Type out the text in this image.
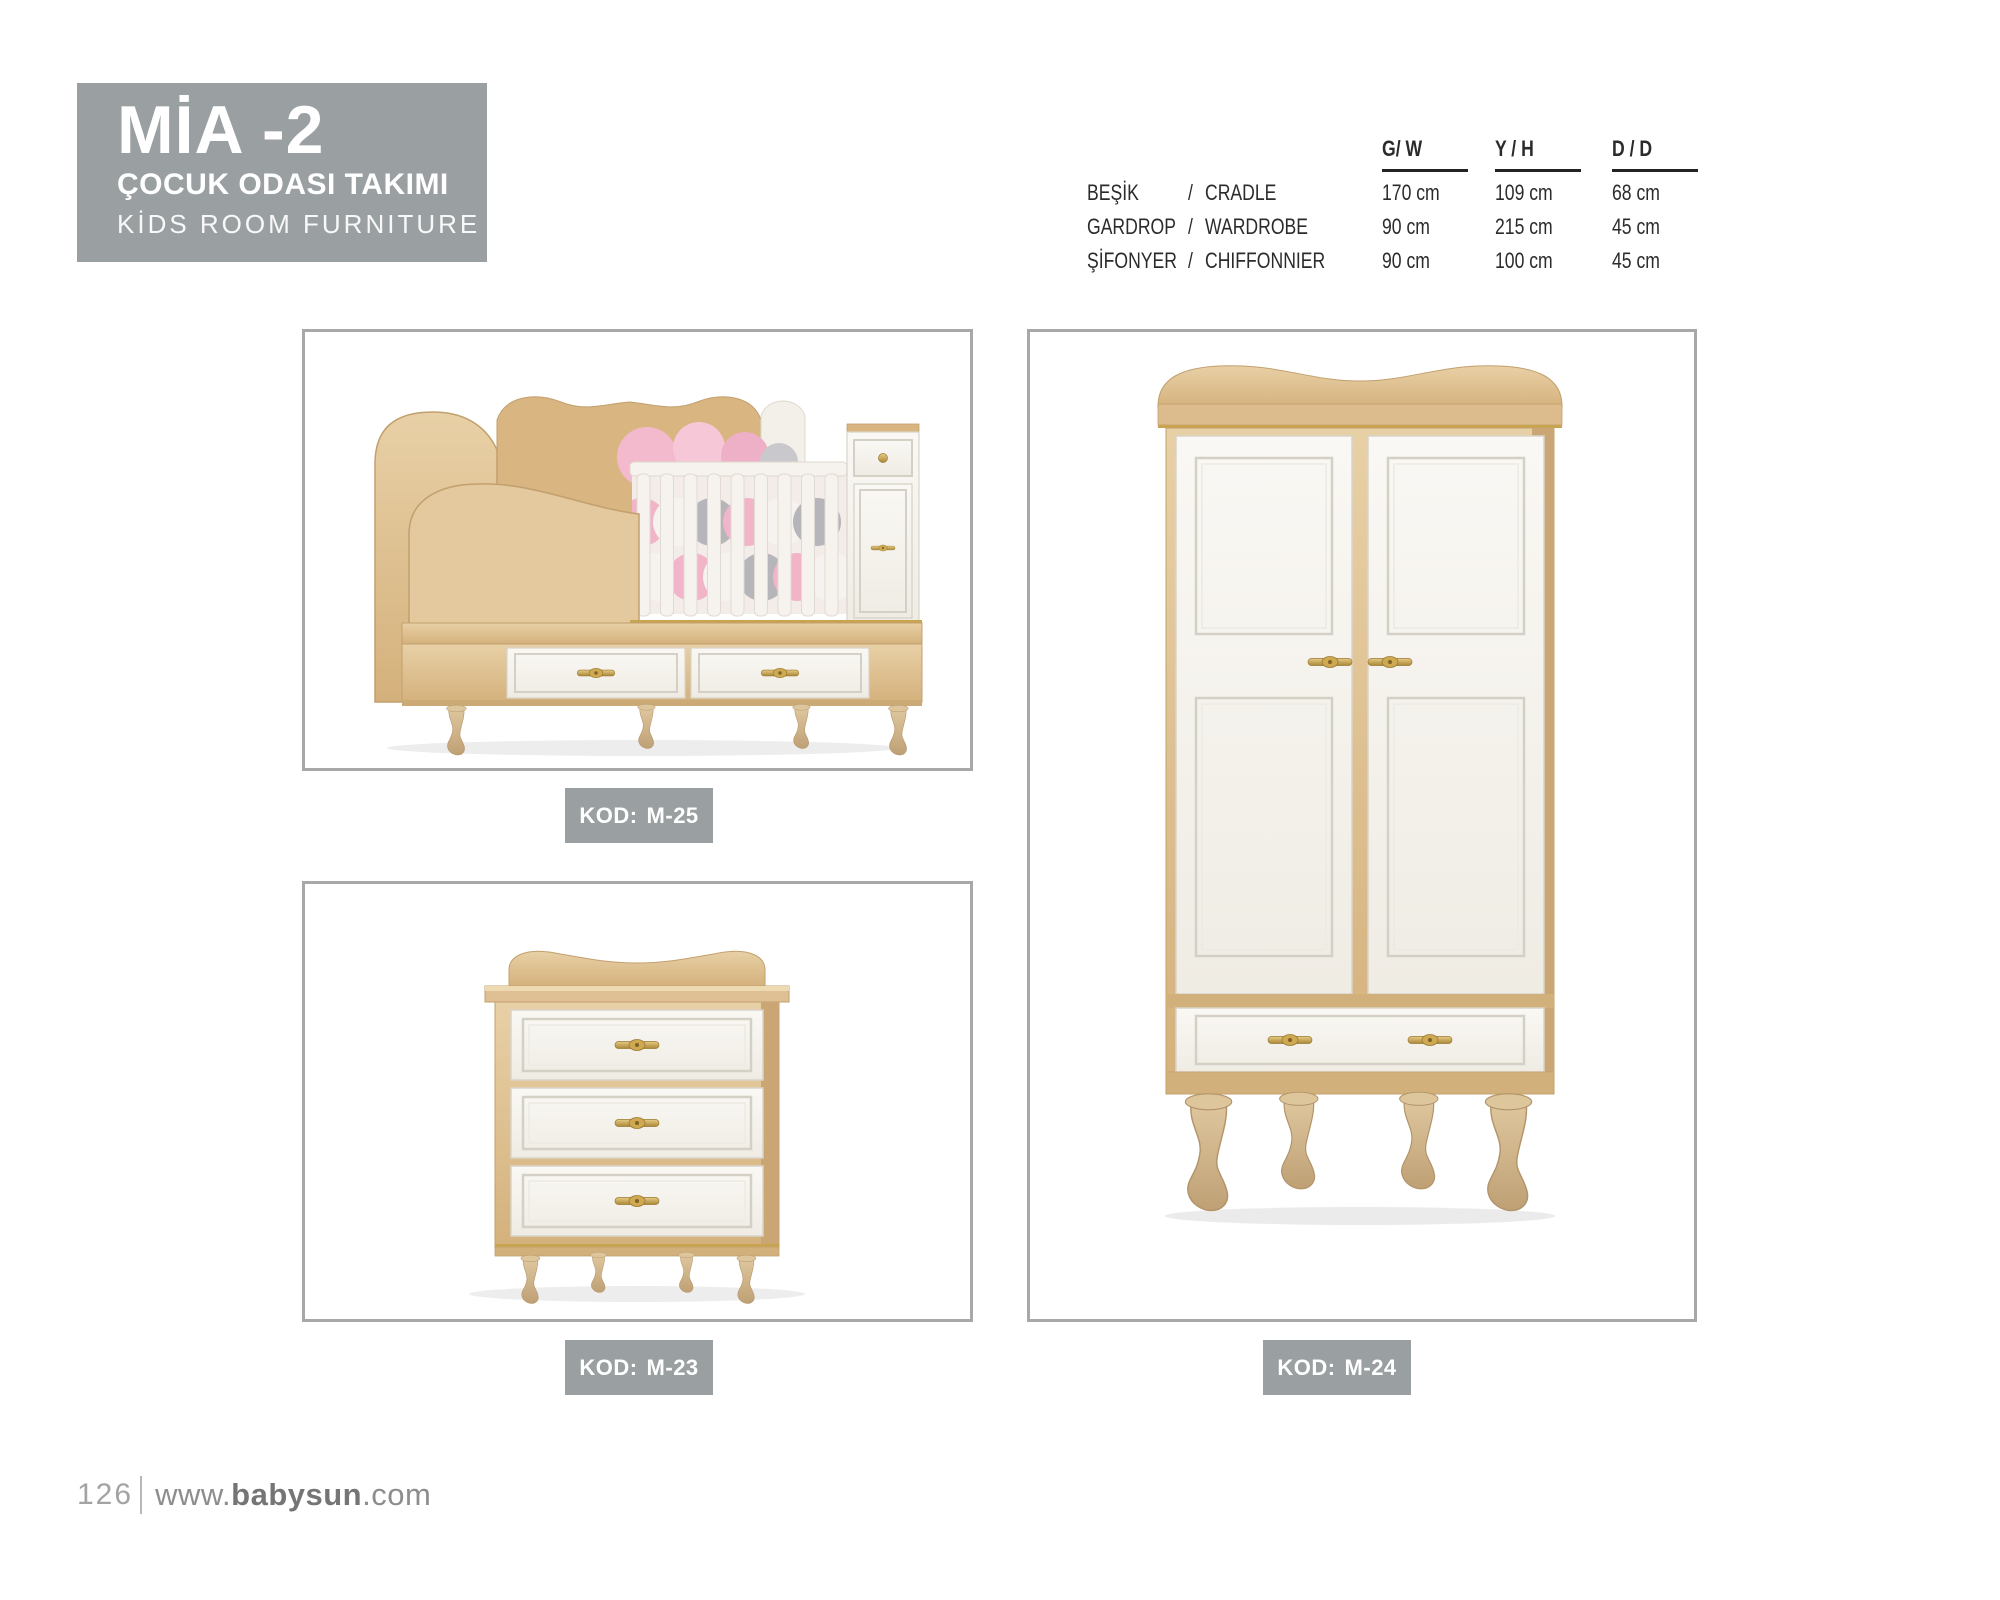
MİA -2
ÇOCUK ODASI TAKIMI
KİDS ROOM FURNITURE
G/ W	Y / H	D / D
BEŞİK	/ CRADLE	170 cm	109 cm	68 cm
GARDROP / WARDROBE	90 cm	215 cm	45 cm
ŞİFONYER / CHIFFONNIER	90 cm	100 cm	45 cm
KOD: M-25
KOD: M-23	KOD: M-24
126 www.babysun.com
